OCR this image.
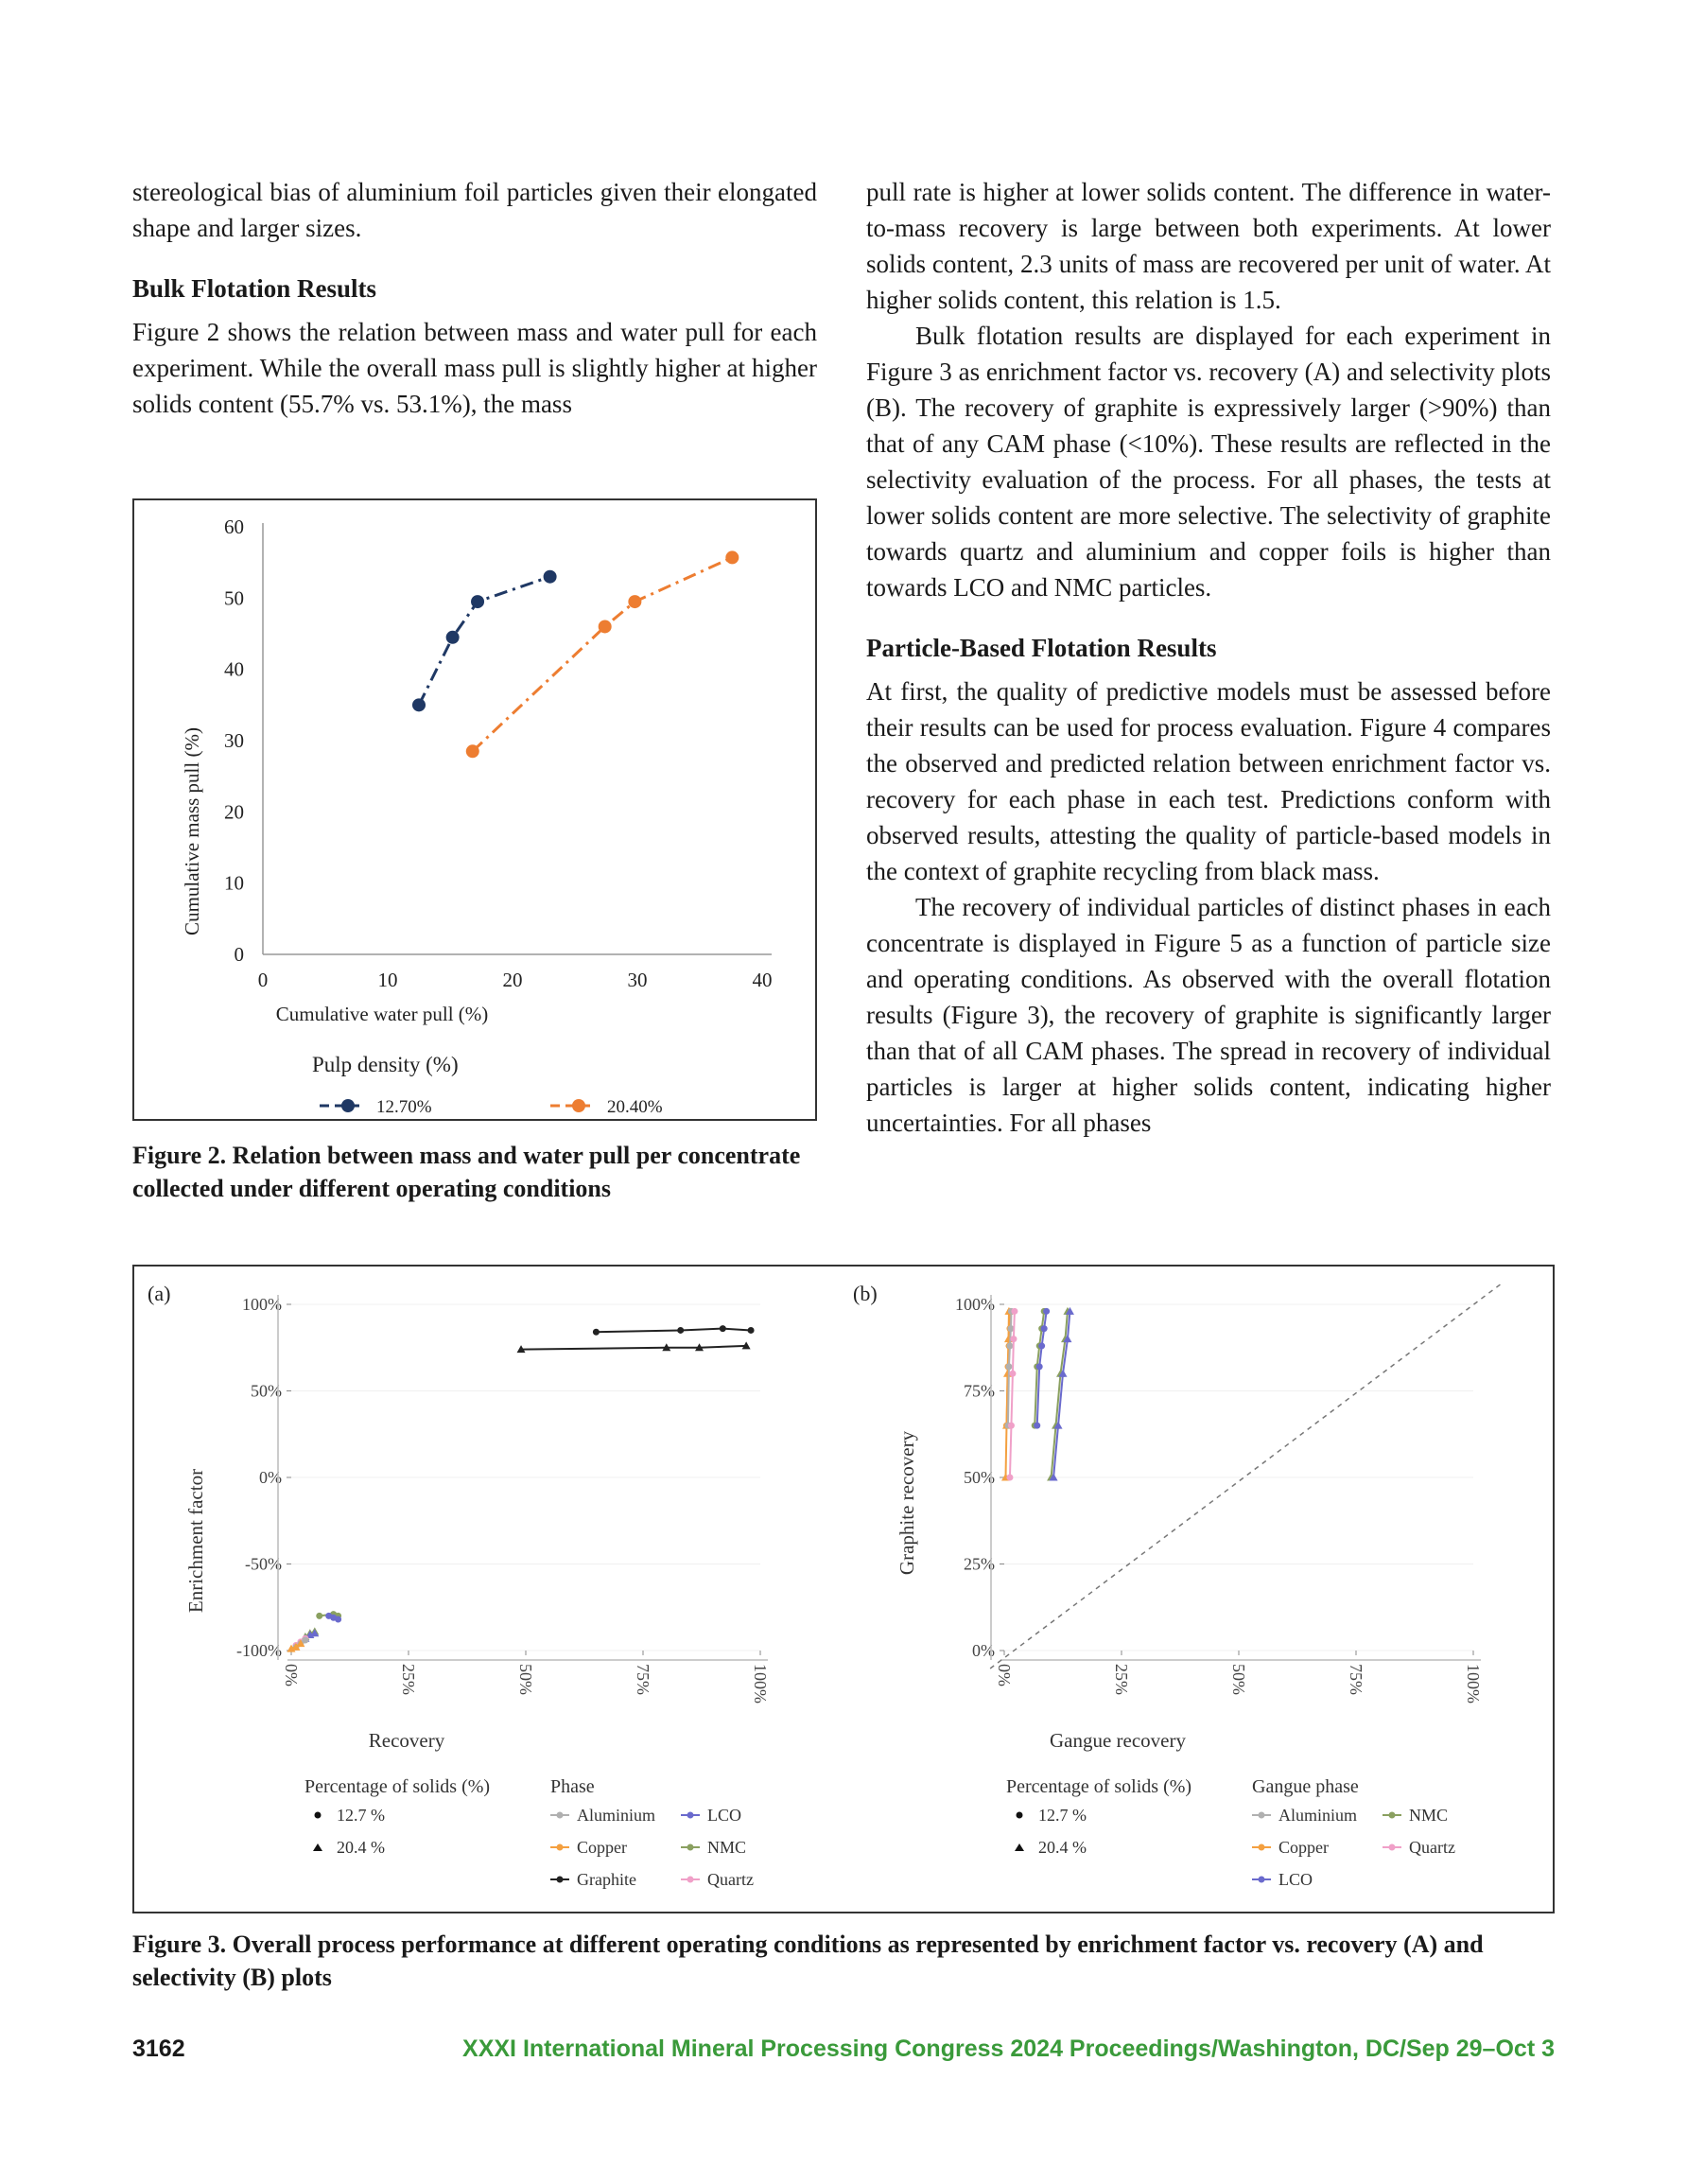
stereological bias of aluminium foil particles given their elongated shape and larger sizes.

Bulk Flotation Results

Figure 2 shows the relation between mass and water pull for each experiment. While the overall mass pull is slightly higher at higher solids content (55.7% vs. 53.1%), the mass

pull rate is higher at lower solids content. The difference in water-to-mass recovery is large between both experiments. At lower solids content, 2.3 units of mass are recovered per unit of water. At higher solids content, this relation is 1.5.

Bulk flotation results are displayed for each experiment in Figure 3 as enrichment factor vs. recovery (A) and selectivity plots (B). The recovery of graphite is expressively larger (>90%) than that of any CAM phase (<10%). These results are reflected in the selectivity evaluation of the process. For all phases, the tests at lower solids content are more selective. The selectivity of graphite towards quartz and aluminium and copper foils is higher than towards LCO and NMC particles.

Particle-Based Flotation Results

At first, the quality of predictive models must be assessed before their results can be used for process evaluation. Figure 4 compares the observed and predicted relation between enrichment factor vs. recovery for each phase in each test. Predictions conform with observed results, attesting the quality of particle-based models in the context of graphite recycling from black mass.

The recovery of individual particles of distinct phases in each concentrate is displayed in Figure 5 as a function of particle size and operating conditions. As observed with the overall flotation results (Figure 3), the recovery of graphite is significantly larger than that of all CAM phases. The spread in recovery of individual particles is larger at higher solids content, indicating higher uncertainties. For all phases

0	10	20	30	40
0
10
20
30
40
50
60
Cumulative water pull (%)
Cumulative mass pull (%)
Pulp density (%)
12.70%	20.40%
Figure 2. Relation between mass and water pull per concentrate collected under different operating conditions
(a)	100%
50%
0%
-50%
-100%
0%	25%	50%	75%	100%
Recovery
Enrichment factor
Percentage of solids (%)
12.7 %
20.4 %
Phase
Aluminium	LCO
Copper	NMC
Graphite	Quartz
(b)	100%
75%
50%
25%
0%
0%	25%	50%	75%	100%
Gangue recovery
Graphite recovery
Percentage of solids (%)
12.7 %
20.4 %
Gangue phase
Aluminium	NMC
Copper	Quartz
LCO
Figure 3. Overall process performance at different operating conditions as represented by enrichment factor vs. recovery (A) and selectivity (B) plots
3162	XXXI International Mineral Processing Congress 2024 Proceedings/Washington, DC/Sep 29–Oct 3
